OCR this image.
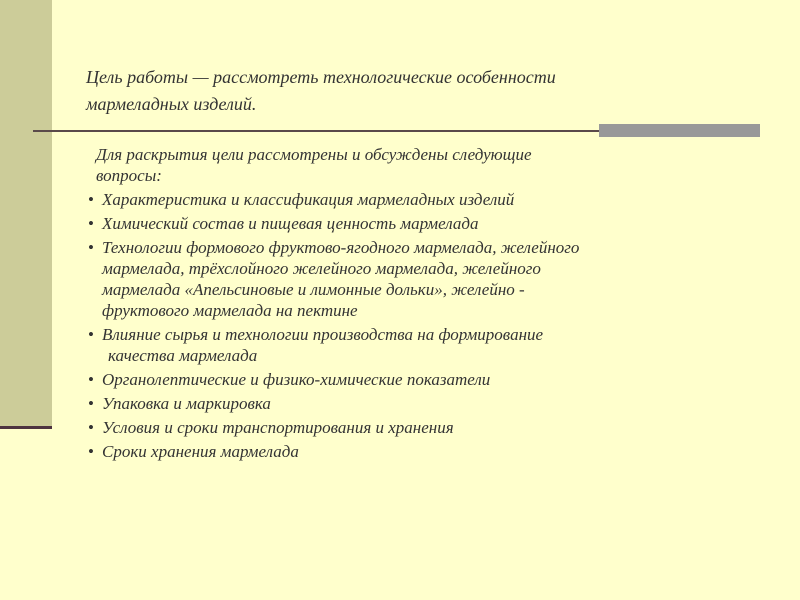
Цель работы — рассмотреть технологические особенности
мармеладных изделий.

Для раскрытия цели рассмотрены и обсуждены следующие
вопросы:

• Характеристика и классификация мармеладных изделий
• Химический состав и пищевая ценность мармелада
• Технологии формового фруктово-ягодного мармелада, желейного
мармелада, трёхслойного желейного мармелада, желейного
мармелада «Апельсиновые и лимонные дольки», желейно -
фруктового мармелада на пектине
• Влияние сырья и технологии производства на формирование
качества мармелада
• Органолептические и физико-химические показатели
• Упаковка и маркировка
• Условия и сроки транспортирования и хранения
• Сроки хранения мармелада
